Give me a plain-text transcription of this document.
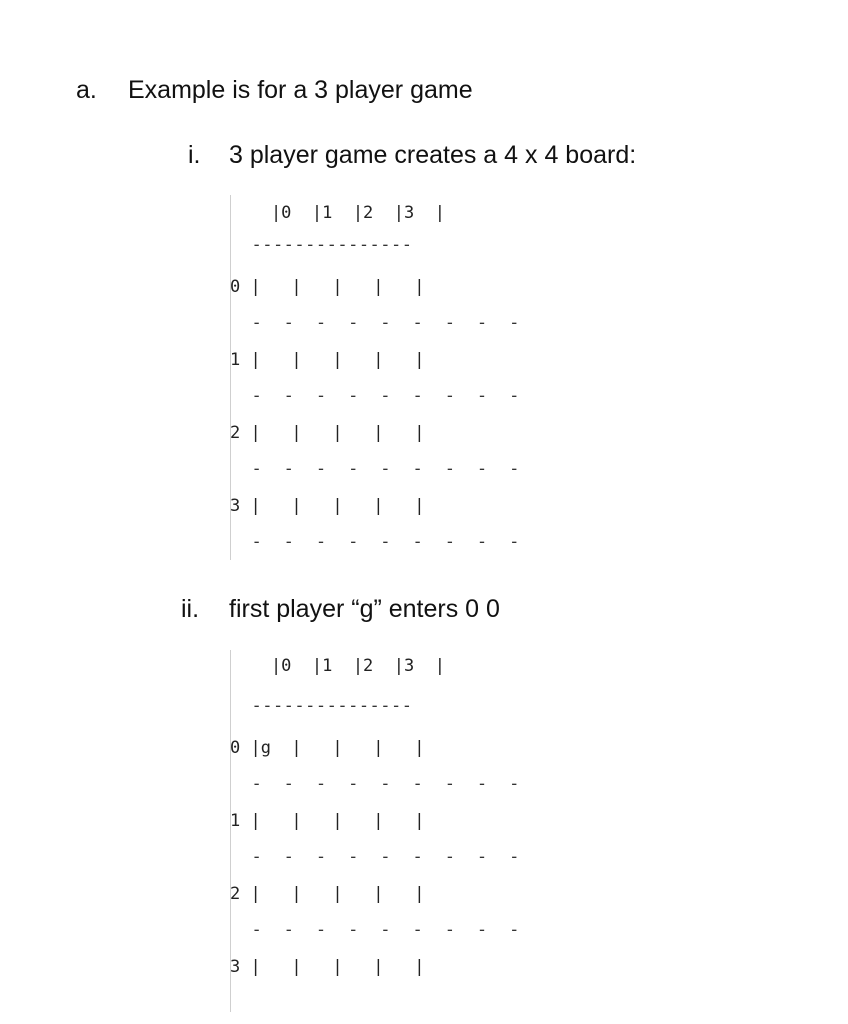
a. Example is for a 3 player game
i. 3 player game creates a 4 x 4 board:
|0  |1  |2  |3  |
---------------
0 |   |   |   |   |
-  -  -  -  -  -  -  -  -
1 |   |   |   |   |
-  -  -  -  -  -  -  -  -
2 |   |   |   |   |
-  -  -  -  -  -  -  -  -
3 |   |   |   |   |
-  -  -  -  -  -  -  -  -
ii. first player “g” enters 0 0
|0  |1  |2  |3  |
---------------
0 |g  |   |   |   |
-  -  -  -  -  -  -  -  -
1 |   |   |   |   |
-  -  -  -  -  -  -  -  -
2 |   |   |   |   |
-  -  -  -  -  -  -  -  -
3 |   |   |   |   |
